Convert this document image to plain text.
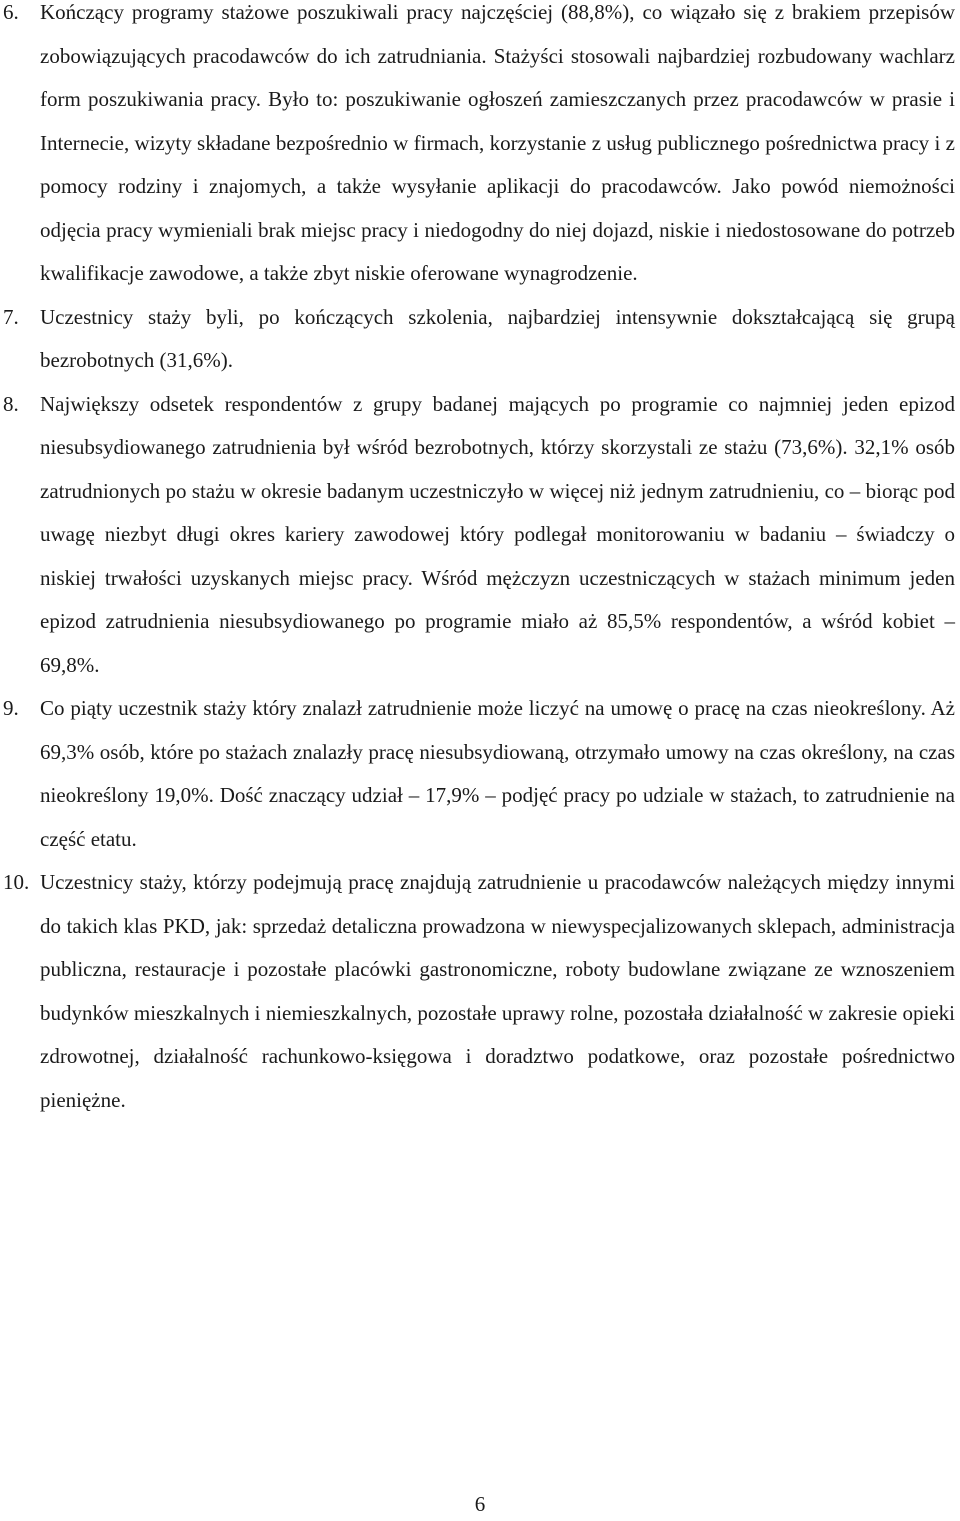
6. Kończący programy stażowe poszukiwali pracy najczęściej (88,8%), co wiązało się z brakiem przepisów zobowiązujących pracodawców do ich zatrudniania. Stażyści stosowali najbardziej rozbudowany wachlarz form poszukiwania pracy. Było to: poszukiwanie ogłoszeń zamieszczanych przez pracodawców w prasie i Internecie, wizyty składane bezpośrednio w firmach, korzystanie z usług publicznego pośrednictwa pracy i z pomocy rodziny i znajomych, a także wysyłanie aplikacji do pracodawców. Jako powód niemożności odjęcia pracy wymieniali brak miejsc pracy i niedogodny do niej dojazd, niskie i niedostosowane do potrzeb kwalifikacje zawodowe, a także zbyt niskie oferowane wynagrodzenie.
7. Uczestnicy staży byli, po kończących szkolenia, najbardziej intensywnie dokształcającą się grupą bezrobotnych (31,6%).
8. Największy odsetek respondentów z grupy badanej mających po programie co najmniej jeden epizod niesubsydiowanego zatrudnienia był wśród bezrobotnych, którzy skorzystali ze stażu (73,6%). 32,1% osób zatrudnionych po stażu w okresie badanym uczestniczyło w więcej niż jednym zatrudnieniu, co – biorąc pod uwagę niezbyt długi okres kariery zawodowej który podlegał monitorowaniu w badaniu – świadczy o niskiej trwałości uzyskanych miejsc pracy. Wśród mężczyzn uczestniczących w stażach minimum jeden epizod zatrudnienia niesubsydiowanego po programie miało aż 85,5% respondentów, a wśród kobiet – 69,8%.
9. Co piąty uczestnik staży który znalazł zatrudnienie może liczyć na umowę o pracę na czas nieokreślony. Aż 69,3% osób, które po stażach znalazły pracę niesubsydiowaną, otrzymało umowy na czas określony, na czas nieokreślony 19,0%. Dość znaczący udział – 17,9% – podjęć pracy po udziale w stażach, to zatrudnienie na część etatu.
10. Uczestnicy staży, którzy podejmują pracę znajdują zatrudnienie u pracodawców należących między innymi do takich klas PKD, jak: sprzedaż detaliczna prowadzona w niewyspecjalizowanych sklepach, administracja publiczna, restauracje i pozostałe placówki gastronomiczne, roboty budowlane związane ze wznoszeniem budynków mieszkalnych i niemieszkalnych, pozostałe uprawy rolne, pozostała działalność w zakresie opieki zdrowotnej, działalność rachunkowo-księgowa i doradztwo podatkowe, oraz pozostałe pośrednictwo pieniężne.
6
